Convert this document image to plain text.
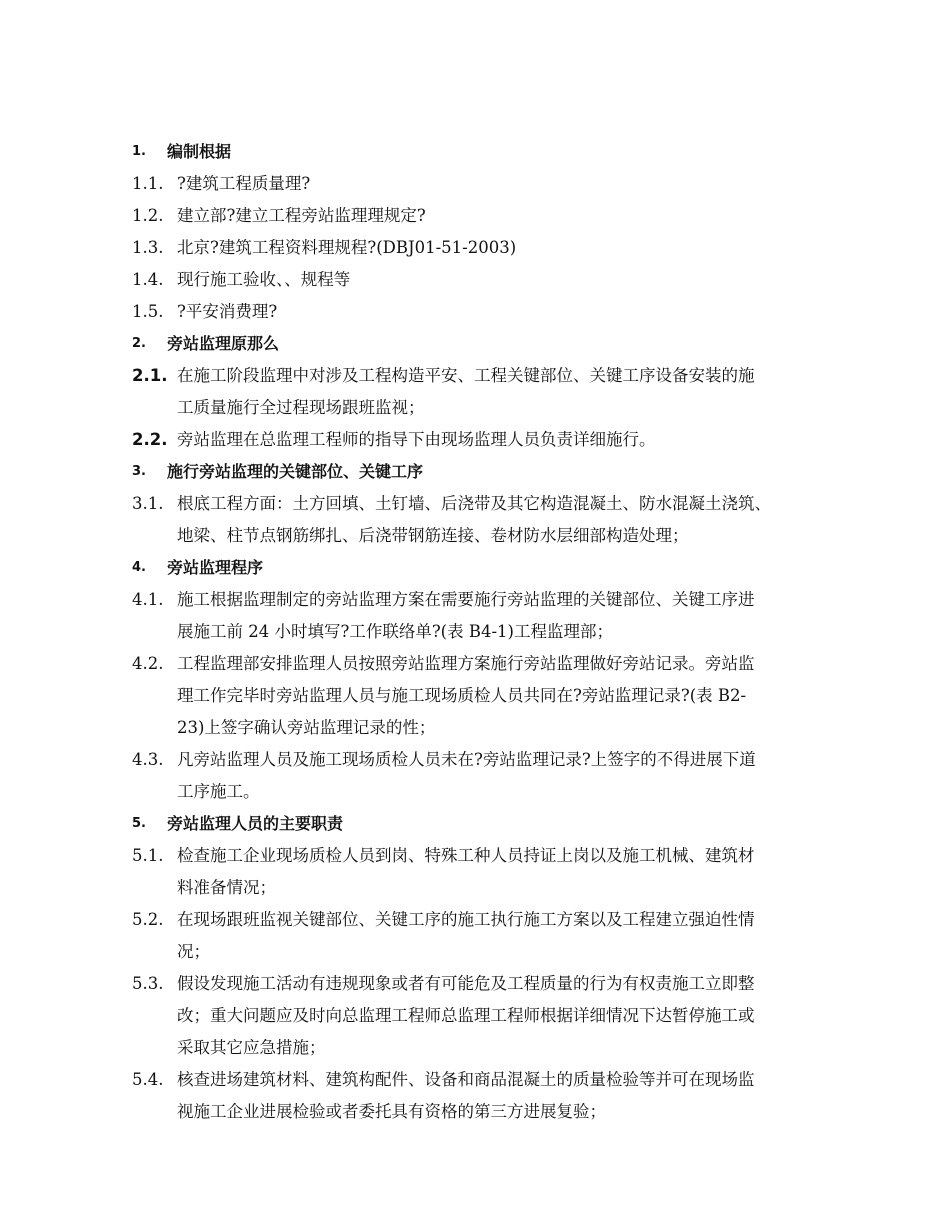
1. 编制根据
1.1. ?建筑工程质量理?
1.2. 建立部?建立工程旁站监理理规定?
1.3. 北京?建筑工程资料理规程?(DBJ01-51-2003)
1.4. 现行施工验收、、规程等
1.5. ?平安消费理?
2. 旁站监理原那么
2.1. 在施工阶段监理中对涉及工程构造平安、工程关键部位、关键工序设备安装的施
工质量施行全过程现场跟班监视；
2.2. 旁站监理在总监理工程师的指导下由现场监理人员负责详细施行。
3. 施行旁站监理的关键部位、关键工序
3.1. 根底工程方面：土方回填、土钉墙、后浇带及其它构造混凝土、防水混凝土浇筑、
地梁、柱节点钢筋绑扎、后浇带钢筋连接、卷材防水层细部构造处理；
4. 旁站监理程序
4.1. 施工根据监理制定的旁站监理方案在需要施行旁站监理的关键部位、关键工序进
展施工前 24 小时填写?工作联络单?(表 B4-1)工程监理部；
4.2. 工程监理部安排监理人员按照旁站监理方案施行旁站监理做好旁站记录。旁站监
理工作完毕时旁站监理人员与施工现场质检人员共同在?旁站监理记录?(表 B2-
23)上签字确认旁站监理记录的性；
4.3. 凡旁站监理人员及施工现场质检人员未在?旁站监理记录?上签字的不得进展下道
工序施工。
5. 旁站监理人员的主要职责
5.1. 检查施工企业现场质检人员到岗、特殊工种人员持证上岗以及施工机械、建筑材
料准备情况；
5.2. 在现场跟班监视关键部位、关键工序的施工执行施工方案以及工程建立强迫性情
况；
5.3. 假设发现施工活动有违规现象或者有可能危及工程质量的行为有权责施工立即整
改；重大问题应及时向总监理工程师总监理工程师根据详细情况下达暂停施工或
采取其它应急措施；
5.4. 核查进场建筑材料、建筑构配件、设备和商品混凝土的质量检验等并可在现场监
视施工企业进展检验或者委托具有资格的第三方进展复验；
